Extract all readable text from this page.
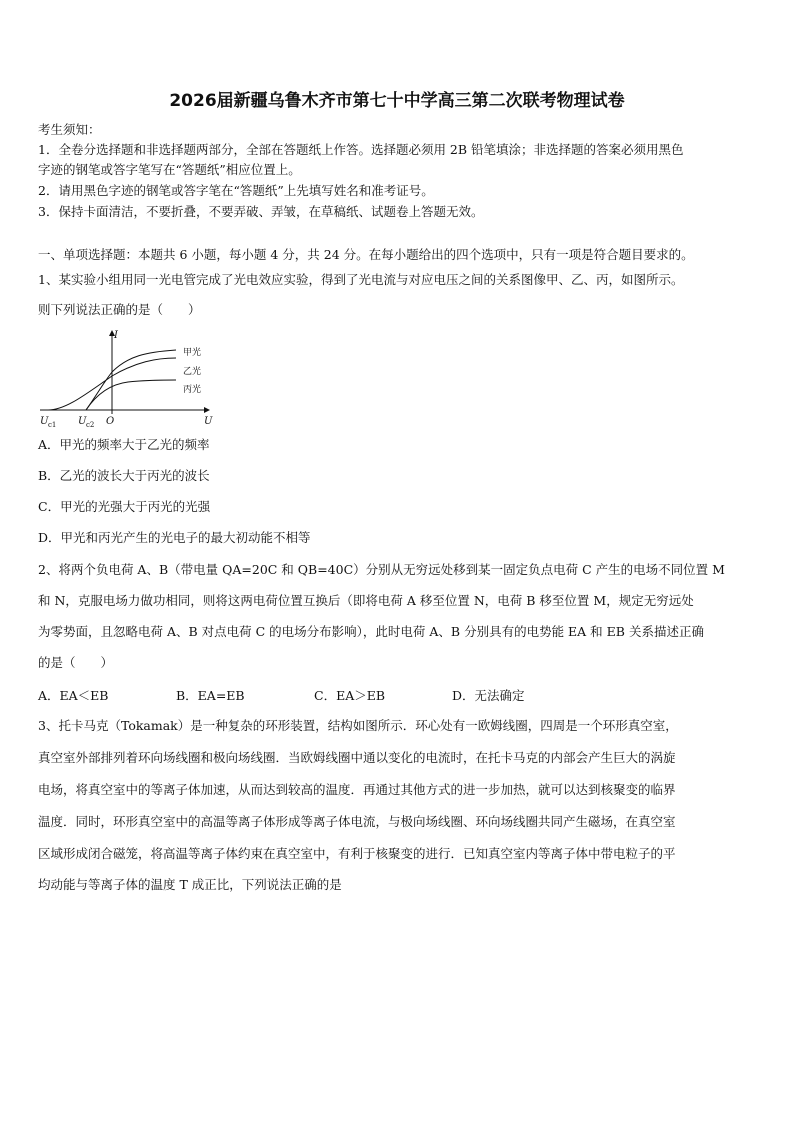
2026届新疆乌鲁木齐市第七十中学高三第二次联考物理试卷
考生须知：
1．全卷分选择题和非选择题两部分，全部在答题纸上作答。选择题必须用 2B 铅笔填涂；非选择题的答案必须用黑色
字迹的钢笔或答字笔写在“答题纸”相应位置上。
2．请用黑色字迹的钢笔或答字笔在“答题纸”上先填写姓名和准考证号。
3．保持卡面清洁，不要折叠，不要弄破、弄皱，在草稿纸、试题卷上答题无效。
一、单项选择题：本题共 6 小题，每小题 4 分，共 24 分。在每小题给出的四个选项中，只有一项是符合题目要求的。
1、某实验小组用同一光电管完成了光电效应实验，得到了光电流与对应电压之间的关系图像甲、乙、丙，如图所示。
则下列说法正确的是（　　）
I
U
O
U c1 U c2
甲光
乙光
丙光
A．甲光的频率大于乙光的频率
B．乙光的波长大于丙光的波长
C．甲光的光强大于丙光的光强
D．甲光和丙光产生的光电子的最大初动能不相等
2、将两个负电荷 A、B（带电量 QA=20C 和 QB=40C）分别从无穷远处移到某一固定负点电荷 C 产生的电场不同位置 M
和 N，克服电场力做功相同，则将这两电荷位置互换后（即将电荷 A 移至位置 N，电荷 B 移至位置 M，规定无穷远处
为零势面，且忽略电荷 A、B 对点电荷 C 的电场分布影响），此时电荷 A、B 分别具有的电势能 EA 和 EB 关系描述正确
的是（　　）
A．EA＜EB	B．EA=EB	C．EA＞EB	D．无法确定
3、托卡马克（Tokamak）是一种复杂的环形装置，结构如图所示．环心处有一欧姆线圈，四周是一个环形真空室，
真空室外部排列着环向场线圈和极向场线圈．当欧姆线圈中通以变化的电流时，在托卡马克的内部会产生巨大的涡旋
电场，将真空室中的等离子体加速，从而达到较高的温度．再通过其他方式的进一步加热，就可以达到核聚变的临界
温度．同时，环形真空室中的高温等离子体形成等离子体电流，与极向场线圈、环向场线圈共同产生磁场，在真空室
区域形成闭合磁笼，将高温等离子体约束在真空室中，有利于核聚变的进行．已知真空室内等离子体中带电粒子的平
均动能与等离子体的温度 T 成正比，下列说法正确的是
